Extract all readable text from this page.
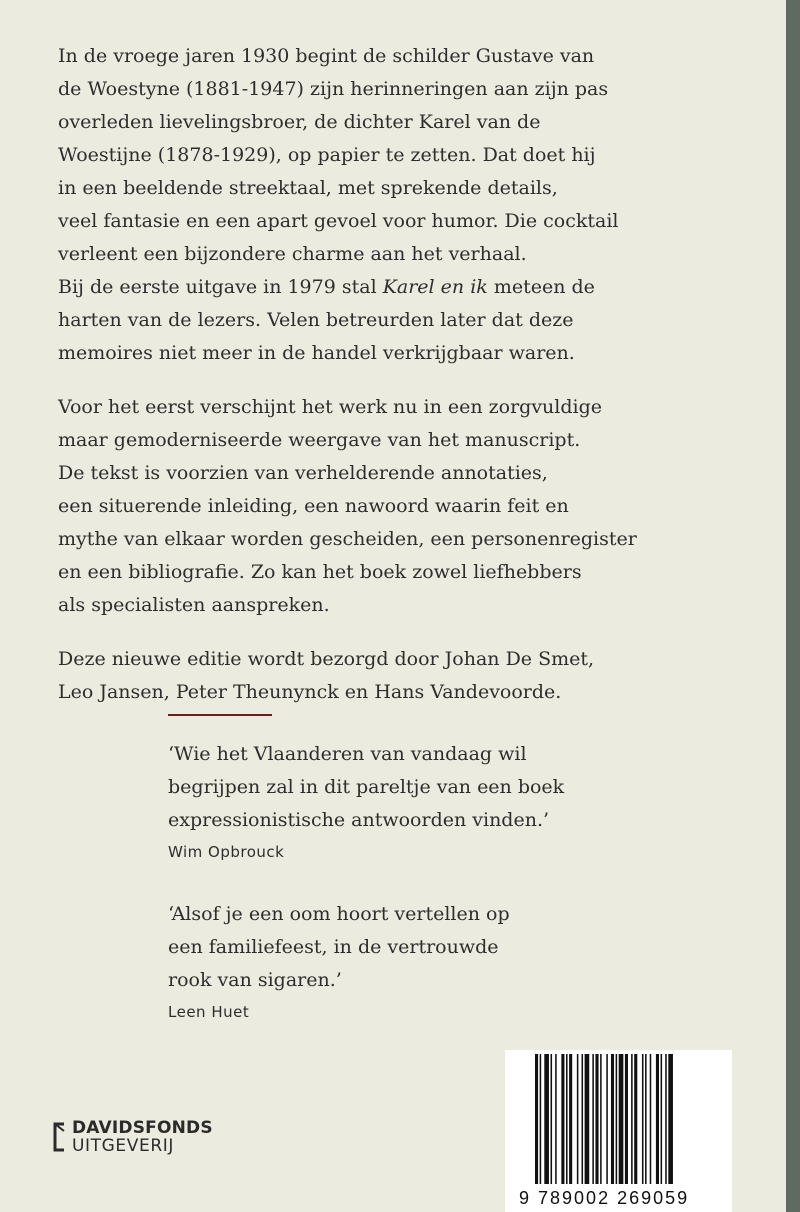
In de vroege jaren 1930 begint de schilder Gustave van
de Woestyne (1881-1947) zijn herinneringen aan zijn pas
overleden lievelingsbroer, de dichter Karel van de
Woestijne (1878-1929), op papier te zetten. Dat doet hij
in een beeldende streektaal, met sprekende details,
veel fantasie en een apart gevoel voor humor. Die cocktail
verleent een bijzondere charme aan het verhaal.
Bij de eerste uitgave in 1979 stal Karel en ik meteen de
harten van de lezers. Velen betreurden later dat deze
memoires niet meer in de handel verkrijgbaar waren.

Voor het eerst verschijnt het werk nu in een zorgvuldige
maar gemoderniseerde weergave van het manuscript.
De tekst is voorzien van verhelderende annotaties,
een situerende inleiding, een nawoord waarin feit en
mythe van elkaar worden gescheiden, een personenregister
en een bibliografie. Zo kan het boek zowel liefhebbers
als specialisten aanspreken.

Deze nieuwe editie wordt bezorgd door Johan De Smet,
Leo Jansen, Peter Theunynck en Hans Vandevoorde.

‘Wie het Vlaanderen van vandaag wil
begrijpen zal in dit pareltje van een boek
expressionistische antwoorden vinden.’
Wim Opbrouck
‘Alsof je een oom hoort vertellen op
een familiefeest, in de vertrouwde
rook van sigaren.’
Leen Huet
DAVIDSFONDS
UITGEVERIJ
9 789002 269059
